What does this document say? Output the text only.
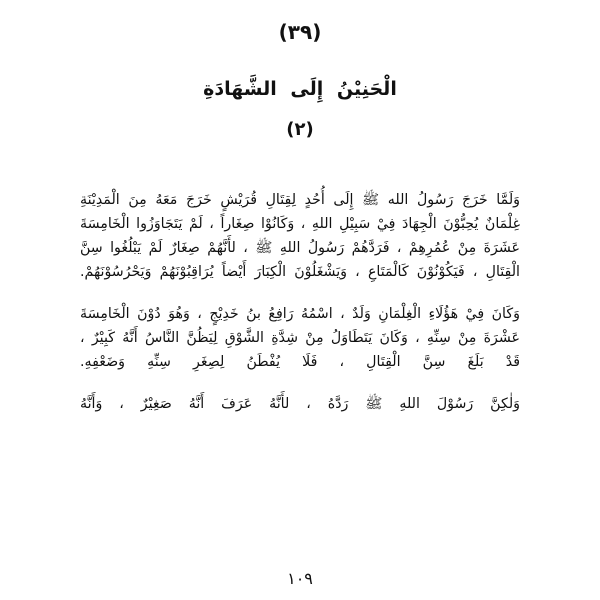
(٣٩)
الْحَنِيْنُ إِلَى الشَّهَادَةِ
(٢)

وَلَمَّا خَرَجَ رَسُولُ الله ﷺ إِلَى أُحُدٍ لِقِتَالِ قُرَيْشٍ خَرَجَ مَعَهُ مِنَ الْمَدِيْنَةِ غِلْمَانٌ يُحِبُّوْنَ الْجِهَادَ فِيْ سَبِيْلِ اللهِ ، وَكَانُوْا صِغَاراً ، لَمْ يَتَجَاوَزُوا الْخَامِسَةَ عَشَرَةَ مِنْ عُمُرِهِمْ ، فَرَدَّهُمْ رَسُولُ اللهِ ﷺ ، لأَنَّهُمْ صِغَارٌ لَمْ يَبْلُغُوا سِنَّ الْقِتَالِ ، فَيَكُوْنُوْنَ كَالْمَتَاعِ ، وَيَشْغَلُوْنَ الْكِبَارَ أَيْضاً يُرَاقِبُوْنَهُمْ وَيَحْرُسُوْنَهُمْ.

وَكَانَ فِيْ هَؤُلَاءِ الْغِلْمَانِ وَلَدٌ ، اسْمُهُ رَافِعُ بنُ خَدِيْجٍ ، وَهُوَ دُوْنَ الْخَامِسَةَ عَشْرَةَ مِنْ سِنِّهِ ، وَكَانَ يَتَطَاوَلُ مِنْ شِدَّةِ الشَّوْقِ لِيَظُنَّ النَّاسُ أَنَّهُ كَبِيْرٌ ، قَدْ بَلَغَ سِنَّ الْقِتَالِ ، فَلَا يُفْطَنُ لِصِغَرِ سِنِّهِ وَضَعْفِهِ.

وَلٰكِنَّ رَسُوْلَ اللهِ ﷺ رَدَّهُ ، لأَنَّهُ عَرَفَ أَنَّهُ صَغِيْرٌ ، وَأَنَّهُ

١٠٩
